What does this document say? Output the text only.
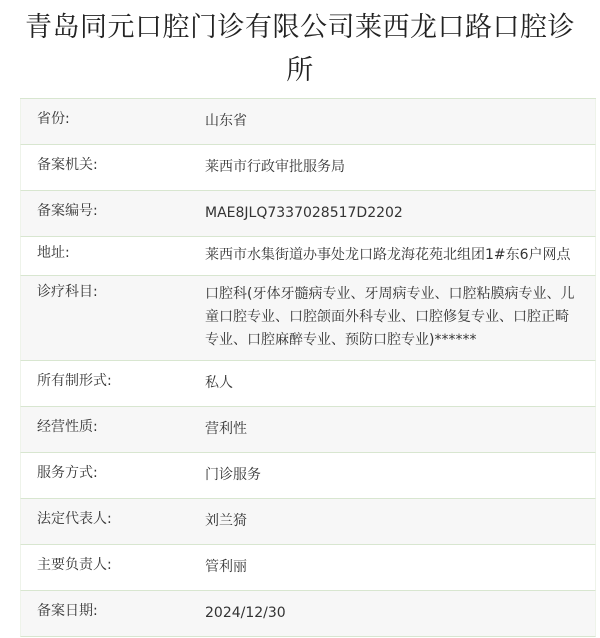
青岛同元口腔门诊有限公司莱西龙口路口腔诊所
省份:	山东省
备案机关:	莱西市行政审批服务局
备案编号:	MAE8JLQ7337028517D2202
地址:	莱西市水集街道办事处龙口路龙海花苑北组团1#东6户网点
诊疗科目:	口腔科(牙体牙髓病专业、牙周病专业、口腔粘膜病专业、儿童口腔专业、口腔颌面外科专业、口腔修复专业、口腔正畸专业、口腔麻醉专业、预防口腔专业)******
所有制形式:	私人
经营性质:	营利性
服务方式:	门诊服务
法定代表人:	刘兰猗
主要负责人:	管利丽
备案日期:	2024/12/30
